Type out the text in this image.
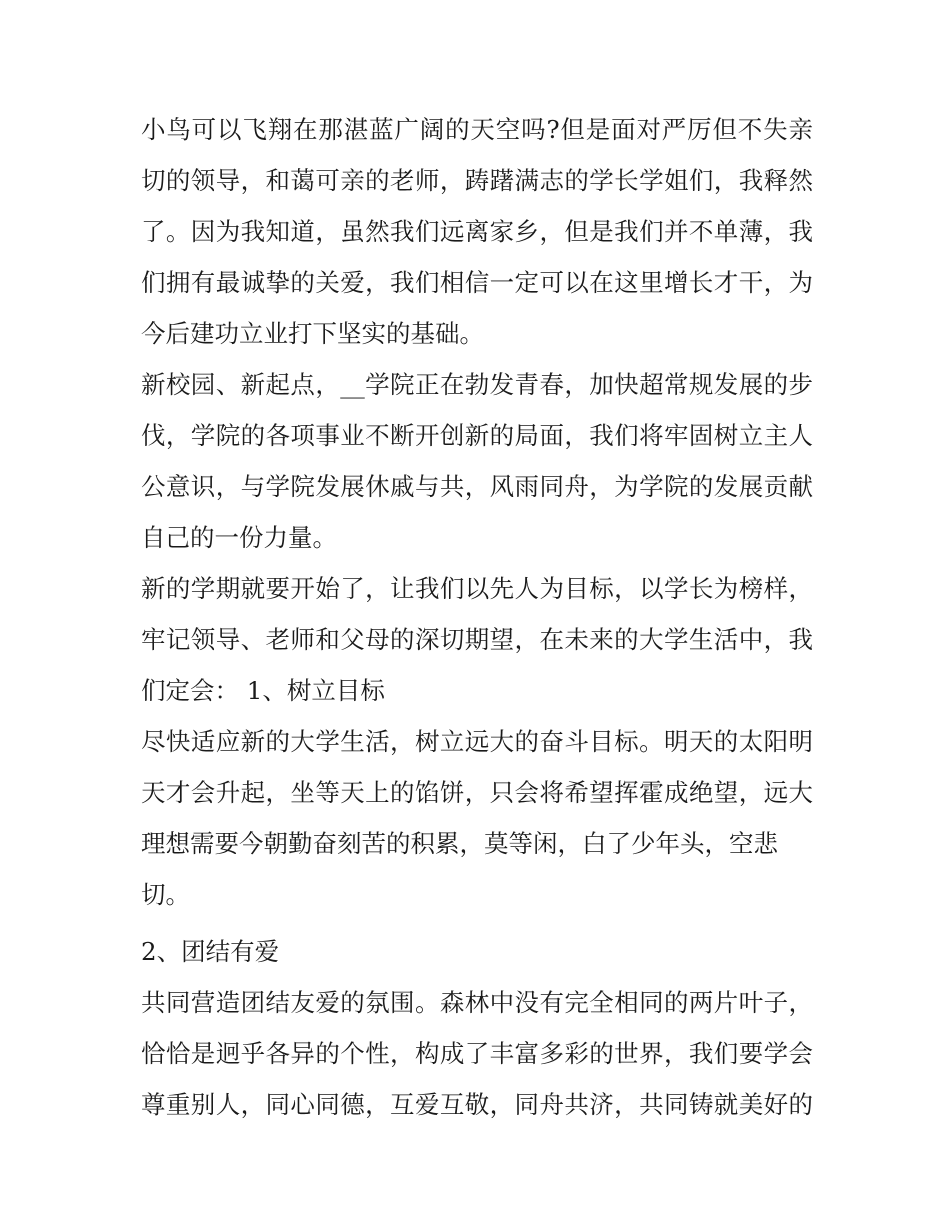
小鸟可以飞翔在那湛蓝广阔的天空吗?但是面对严厉但不失亲
切的领导，和蔼可亲的老师，踌躇满志的学长学姐们，我释然
了。因为我知道，虽然我们远离家乡，但是我们并不单薄，我
们拥有最诚挚的关爱，我们相信一定可以在这里增长才干，为
今后建功立业打下坚实的基础。
新校园、新起点，__学院正在勃发青春，加快超常规发展的步
伐，学院的各项事业不断开创新的局面，我们将牢固树立主人
公意识，与学院发展休戚与共，风雨同舟，为学院的发展贡献
自己的一份力量。
新的学期就要开始了，让我们以先人为目标，以学长为榜样，
牢记领导、老师和父母的深切期望，在未来的大学生活中，我
们定会： 1、树立目标
尽快适应新的大学生活，树立远大的奋斗目标。明天的太阳明
天才会升起，坐等天上的馅饼，只会将希望挥霍成绝望，远大
理想需要今朝勤奋刻苦的积累，莫等闲，白了少年头，空悲
切。
2、团结有爱
共同营造团结友爱的氛围。森林中没有完全相同的两片叶子，
恰恰是迥乎各异的个性，构成了丰富多彩的世界，我们要学会
尊重别人，同心同德，互爱互敬，同舟共济，共同铸就美好的
